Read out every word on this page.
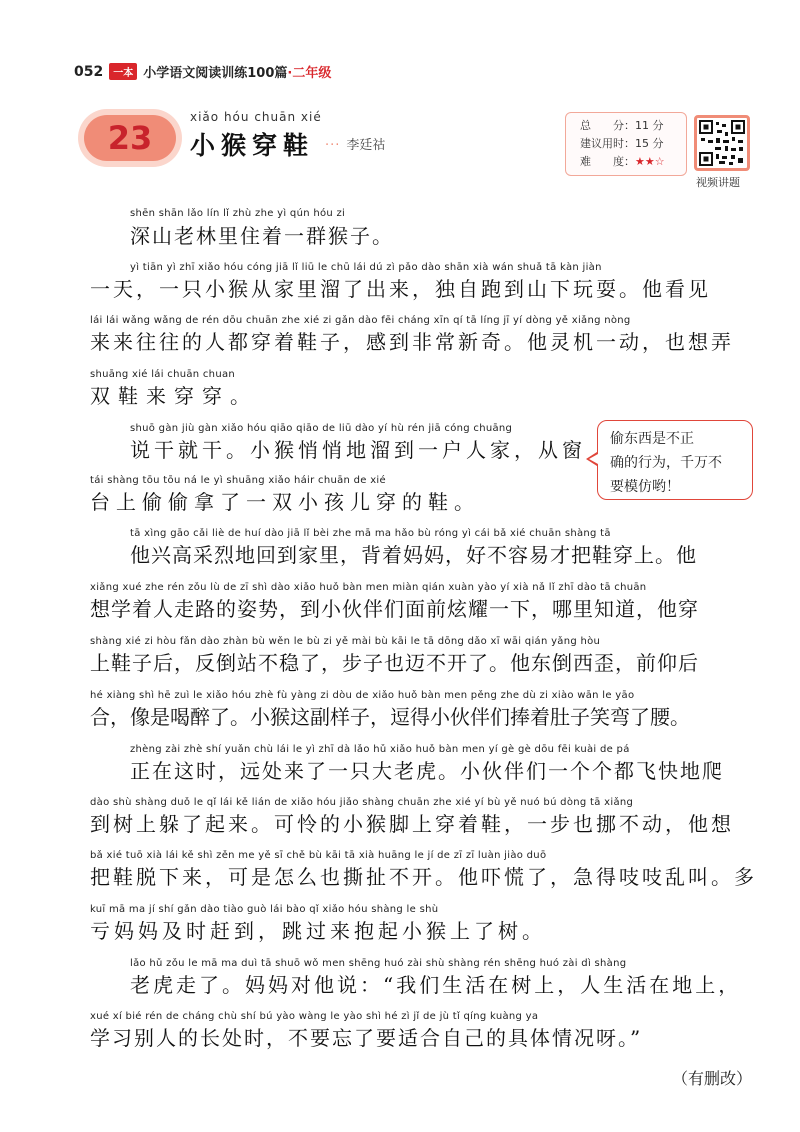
052	一本 小学语文阅读训练100篇·二年级
23
xiǎo hóu chuān xié
小猴穿鞋 ··· 李廷祜
总　　分：11 分
建议用时：15 分
难　　度：★★☆
视频讲题
偷东西是不正
确的行为，千万不
要模仿哟！
shēn shān lǎo lín lǐ zhù zhe yì qún hóu zi
深山老林里住着一群猴子。
yì tiān yì zhī xiǎo hóu cóng jiā lǐ liū le chū lái dú zì pǎo dào shān xià wán shuǎ tā kàn jiàn
一天，一只小猴从家里溜了出来，独自跑到山下玩耍。他看见
lái lái wǎng wǎng de rén dōu chuān zhe xié zi gǎn dào fēi cháng xīn qí tā líng jī yí dòng yě xiǎng nòng
来来往往的人都穿着鞋子，感到非常新奇。他灵机一动，也想弄
shuāng xié lái chuān chuan
双鞋来穿穿。
shuō gàn jiù gàn xiǎo hóu qiāo qiāo de liū dào yí hù rén jiā cóng chuāng
说干就干。小猴悄悄地溜到一户人家，从窗
tái shàng tōu tōu ná le yì shuāng xiǎo háir chuān de xié
台上偷偷拿了一双小孩儿穿的鞋。
tā xìng gāo cǎi liè de huí dào jiā lǐ bèi zhe mā ma hǎo bù róng yì cái bǎ xié chuān shàng tā
他兴高采烈地回到家里，背着妈妈，好不容易才把鞋穿上。他
xiǎng xué zhe rén zǒu lù de zī shì dào xiǎo huǒ bàn men miàn qián xuàn yào yí xià nǎ lǐ zhī dào tā chuān
想学着人走路的姿势，到小伙伴们面前炫耀一下，哪里知道，他穿
shàng xié zi hòu fǎn dào zhàn bù wěn le bù zi yě mài bù kāi le tā dōng dǎo xī wāi qián yǎng hòu
上鞋子后，反倒站不稳了，步子也迈不开了。他东倒西歪，前仰后
hé xiàng shì hē zuì le xiǎo hóu zhè fù yàng zi dòu de xiǎo huǒ bàn men pěng zhe dù zi xiào wān le yāo
合，像是喝醉了。小猴这副样子，逗得小伙伴们捧着肚子笑弯了腰。
zhèng zài zhè shí yuǎn chù lái le yì zhī dà lǎo hǔ xiǎo huǒ bàn men yí gè gè dōu fēi kuài de pá
正在这时，远处来了一只大老虎。小伙伴们一个个都飞快地爬
dào shù shàng duǒ le qǐ lái kě lián de xiǎo hóu jiǎo shàng chuān zhe xié yí bù yě nuó bú dòng tā xiǎng
到树上躲了起来。可怜的小猴脚上穿着鞋，一步也挪不动，他想
bǎ xié tuō xià lái kě shì zěn me yě sī chě bù kāi tā xià huāng le jí de zī zī luàn jiào duō
把鞋脱下来，可是怎么也撕扯不开。他吓慌了，急得吱吱乱叫。多
kuī mā ma jí shí gǎn dào tiào guò lái bào qǐ xiǎo hóu shàng le shù
亏妈妈及时赶到，跳过来抱起小猴上了树。
lǎo hǔ zǒu le mā ma duì tā shuō wǒ men shēng huó zài shù shàng rén shēng huó zài dì shàng
老虎走了。妈妈对他说：“我们生活在树上，人生活在地上，
xué xí bié rén de cháng chù shí bú yào wàng le yào shì hé zì jǐ de jù tǐ qíng kuàng ya
学习别人的长处时，不要忘了要适合自己的具体情况呀。”
（有删改）
